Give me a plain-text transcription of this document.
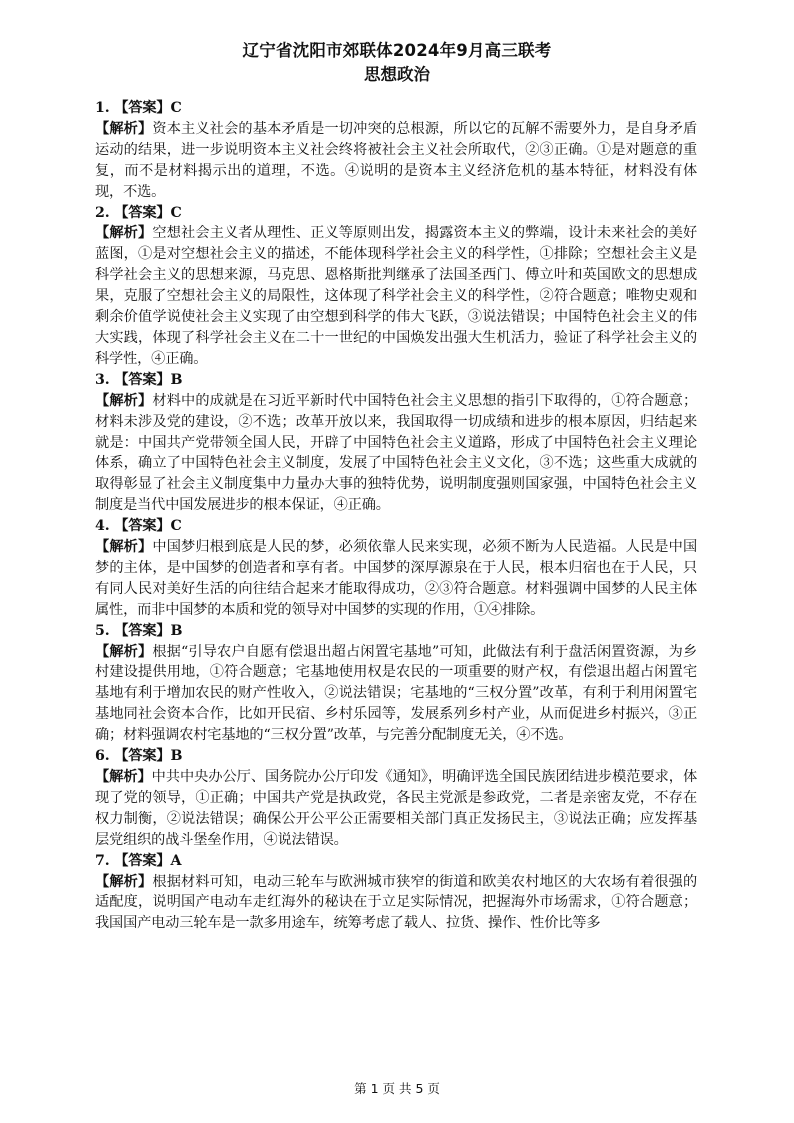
辽宁省沈阳市郊联体2024年9月高三联考
思想政治

1. 【答案】C

【解析】资本主义社会的基本矛盾是一切冲突的总根源，所以它的瓦解不需要外力，是自身矛盾运动的结果，进一步说明资本主义社会终将被社会主义社会所取代，②③正确。①是对题意的重复，而不是材料揭示出的道理，不选。④说明的是资本主义经济危机的基本特征，材料没有体现，不选。

2. 【答案】C

【解析】空想社会主义者从理性、正义等原则出发，揭露资本主义的弊端，设计未来社会的美好蓝图，①是对空想社会主义的描述，不能体现科学社会主义的科学性，①排除；空想社会主义是科学社会主义的思想来源，马克思、恩格斯批判继承了法国圣西门、傅立叶和英国欧文的思想成果，克服了空想社会主义的局限性，这体现了科学社会主义的科学性，②符合题意；唯物史观和剩余价值学说使社会主义实现了由空想到科学的伟大飞跃，③说法错误；中国特色社会主义的伟大实践，体现了科学社会主义在二十一世纪的中国焕发出强大生机活力，验证了科学社会主义的科学性，④正确。

3. 【答案】B

【解析】材料中的成就是在习近平新时代中国特色社会主义思想的指引下取得的，①符合题意；材料未涉及党的建设，②不选；改革开放以来，我国取得一切成绩和进步的根本原因，归结起来就是：中国共产党带领全国人民，开辟了中国特色社会主义道路，形成了中国特色社会主义理论体系，确立了中国特色社会主义制度，发展了中国特色社会主义文化，③不选；这些重大成就的取得彰显了社会主义制度集中力量办大事的独特优势，说明制度强则国家强，中国特色社会主义制度是当代中国发展进步的根本保证，④正确。

4. 【答案】C

【解析】中国梦归根到底是人民的梦，必须依靠人民来实现，必须不断为人民造福。人民是中国梦的主体，是中国梦的创造者和享有者。中国梦的深厚源泉在于人民，根本归宿也在于人民，只有同人民对美好生活的向往结合起来才能取得成功，②③符合题意。材料强调中国梦的人民主体属性，而非中国梦的本质和党的领导对中国梦的实现的作用，①④排除。

5. 【答案】B

【解析】根据“引导农户自愿有偿退出超占闲置宅基地”可知，此做法有利于盘活闲置资源，为乡村建设提供用地，①符合题意；宅基地使用权是农民的一项重要的财产权，有偿退出超占闲置宅基地有利于增加农民的财产性收入，②说法错误；宅基地的“三权分置”改革，有利于利用闲置宅基地同社会资本合作，比如开民宿、乡村乐园等，发展系列乡村产业，从而促进乡村振兴，③正确；材料强调农村宅基地的“三权分置”改革，与完善分配制度无关，④不选。

6. 【答案】B

【解析】中共中央办公厅、国务院办公厅印发《通知》，明确评选全国民族团结进步模范要求，体现了党的领导，①正确；中国共产党是执政党，各民主党派是参政党，二者是亲密友党，不存在权力制衡，②说法错误；确保公开公平公正需要相关部门真正发扬民主，③说法正确；应发挥基层党组织的战斗堡垒作用，④说法错误。

7. 【答案】A

【解析】根据材料可知，电动三轮车与欧洲城市狭窄的街道和欧美农村地区的大农场有着很强的适配度，说明国产电动车走红海外的秘诀在于立足实际情况，把握海外市场需求，①符合题意；我国国产电动三轮车是一款多用途车，统筹考虑了载人、拉货、操作、性价比等多

第 1 页 共 5 页
